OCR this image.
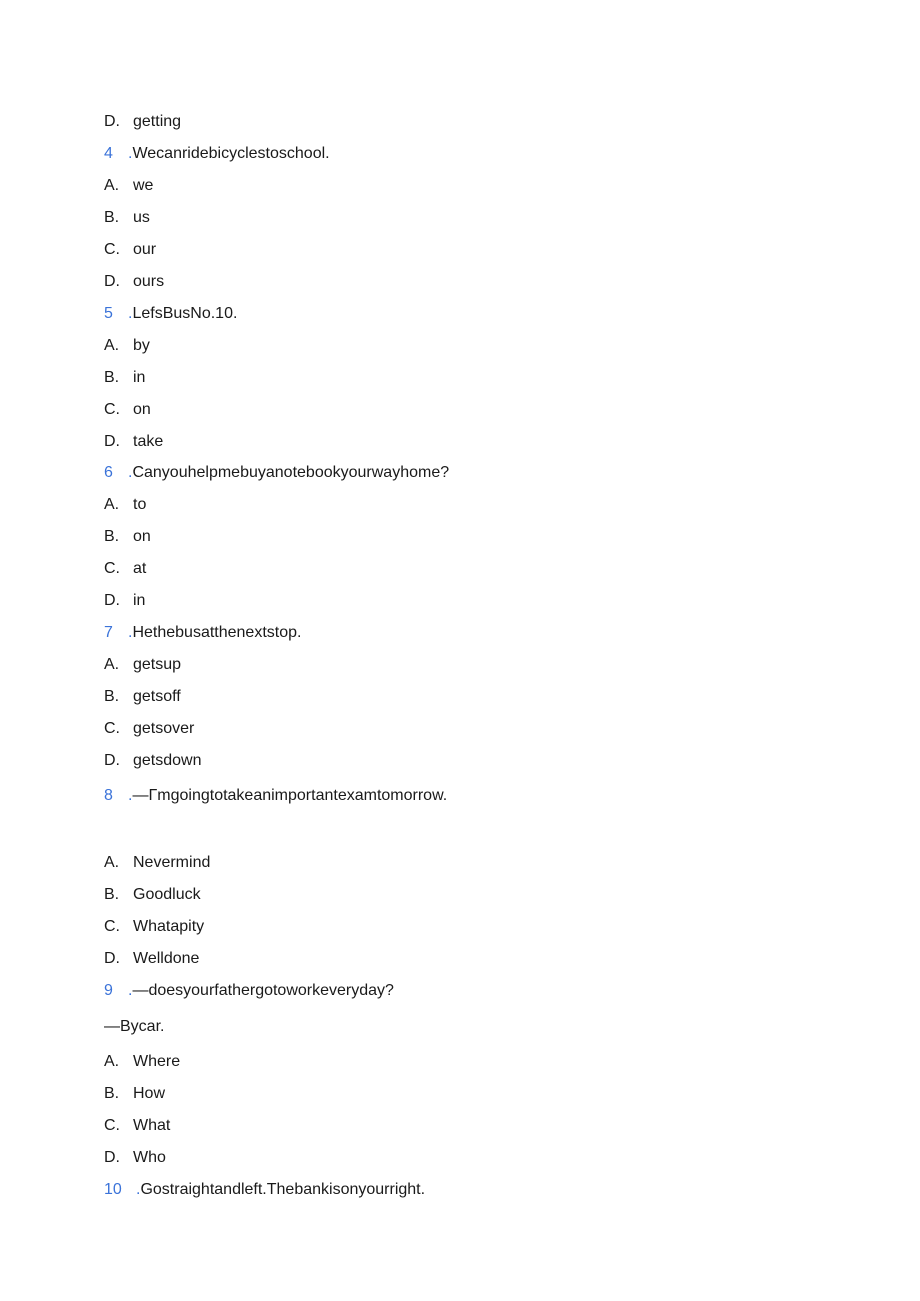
D. getting
4 .Wecanridebicyclestoschool.
A. we
B. us
C. our
D. ours
5 .LefsBusNo.10.
A. by
B. in
C. on
D. take
6 .Canyouhelpmebuyanotebookyourwayhome?
A. to
B. on
C. at
D. in
7 .Hethebusatthenextstop.
A. getsup
B. getsoff
C. getsover
D. getsdown
8 .—Γmgoingtotakeanimportantexamtomorrow.
A. Nevermind
B. Goodluck
C. Whatapity
D. Welldone
9 .—doesyourfathergotoworkeveryday?
—Bycar.
A. Where
B. How
C. What
D. Who
10 .Gostraightandleft.Thebankisonyourright.
